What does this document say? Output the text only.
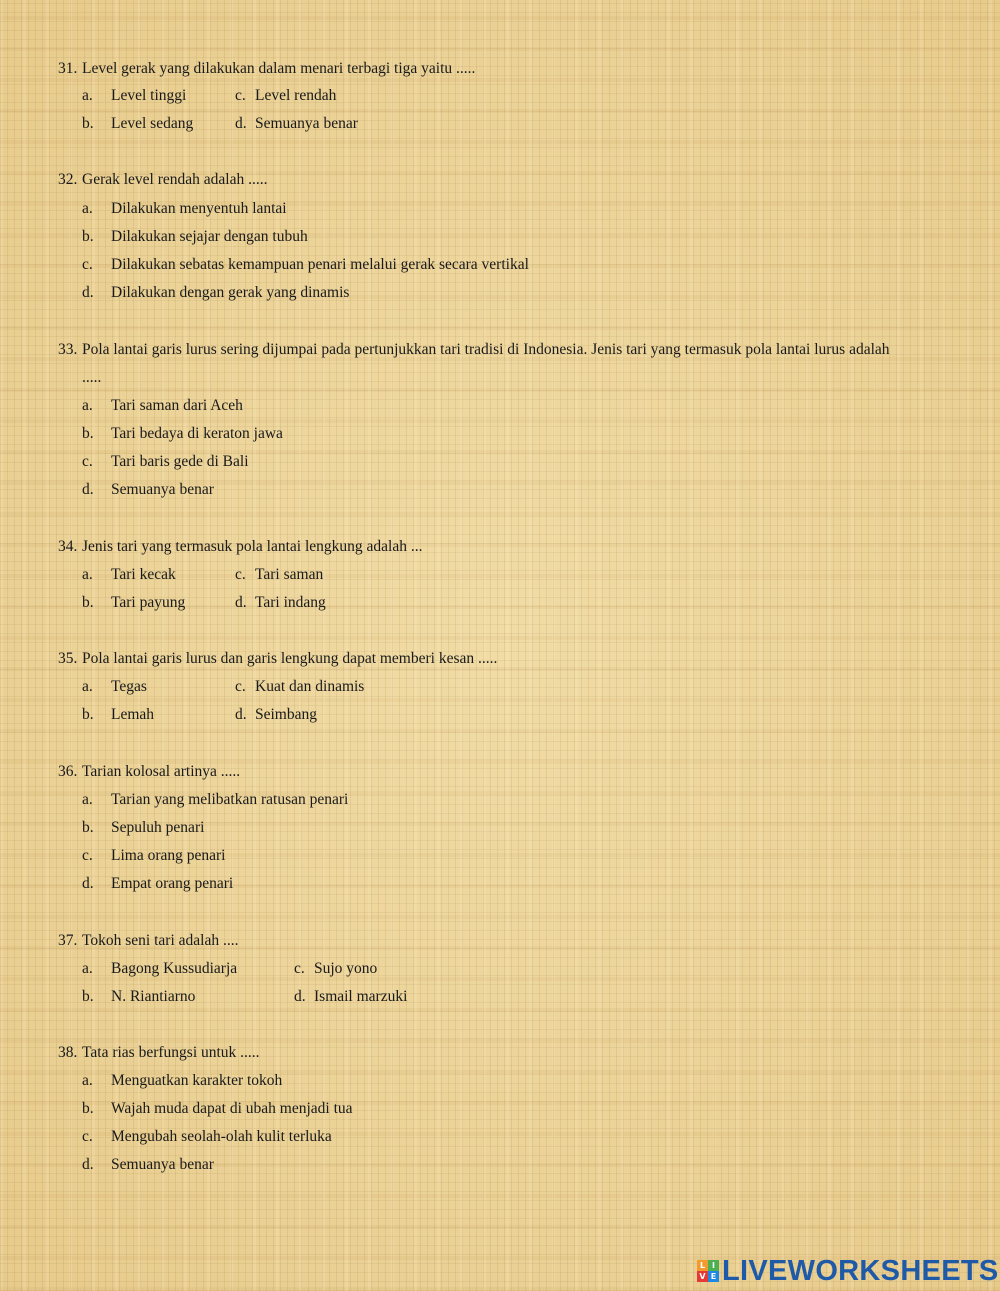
31. Level gerak yang dilakukan dalam menari terbagi tiga yaitu .....
a. Level tinggi
b. Level sedang
c. Level rendah
d. Semuanya benar
32. Gerak level rendah adalah .....
a. Dilakukan menyentuh lantai
b. Dilakukan sejajar dengan tubuh
c. Dilakukan sebatas kemampuan penari melalui gerak secara vertikal
d. Dilakukan dengan gerak yang dinamis
33. Pola lantai garis lurus sering dijumpai pada pertunjukkan tari tradisi di Indonesia. Jenis tari yang termasuk pola lantai lurus adalah
.....
a. Tari saman dari Aceh
b. Tari bedaya di keraton jawa
c. Tari baris gede di Bali
d. Semuanya benar
34. Jenis tari yang termasuk pola lantai lengkung adalah ...
a. Tari kecak
b. Tari payung
c. Tari saman
d. Tari indang
35. Pola lantai garis lurus dan garis lengkung dapat memberi kesan .....
a. Tegas
b. Lemah
c. Kuat dan dinamis
d. Seimbang
36. Tarian kolosal artinya .....
a. Tarian yang melibatkan ratusan penari
b. Sepuluh penari
c. Lima orang penari
d. Empat orang penari
37. Tokoh seni tari adalah ....
a. Bagong Kussudiarja
b. N. Riantiarno
c. Sujo yono
d. Ismail marzuki
38. Tata rias berfungsi untuk .....
a. Menguatkan karakter tokoh
b. Wajah muda dapat di ubah menjadi tua
c. Mengubah seolah-olah kulit terluka
d. Semuanya benar
L I
V E LIVEWORKSHEETS
